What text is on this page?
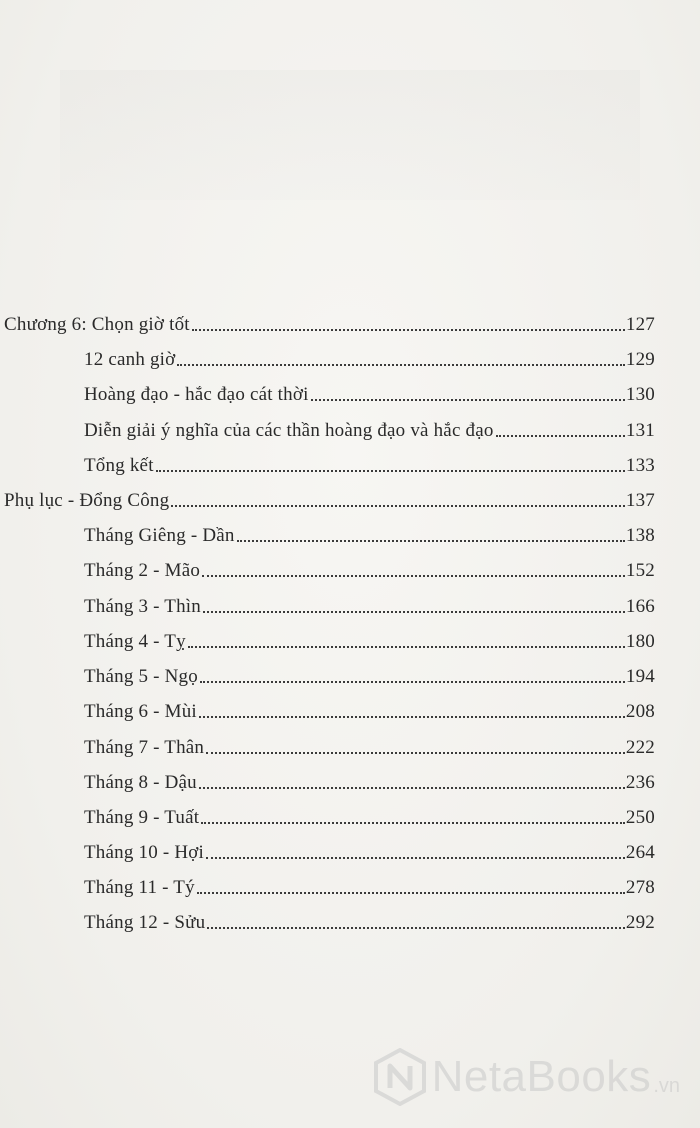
Chương 6: Chọn giờ tốt	127
12 canh giờ	129
Hoàng đạo - hắc đạo cát thời	130
Diễn giải ý nghĩa của các thần hoàng đạo và hắc đạo	131
Tổng kết	133
Phụ lục - Đổng Công	137
Tháng Giêng - Dần	138
Tháng 2 - Mão	152
Tháng 3 - Thìn	166
Tháng 4 - Tỵ	180
Tháng 5 - Ngọ	194
Tháng 6 - Mùi	208
Tháng 7 - Thân	222
Tháng 8 - Dậu	236
Tháng 9 - Tuất	250
Tháng 10 - Hợi	264
Tháng 11 - Tý	278
Tháng 12 - Sửu	292
NetaBooks .vn
